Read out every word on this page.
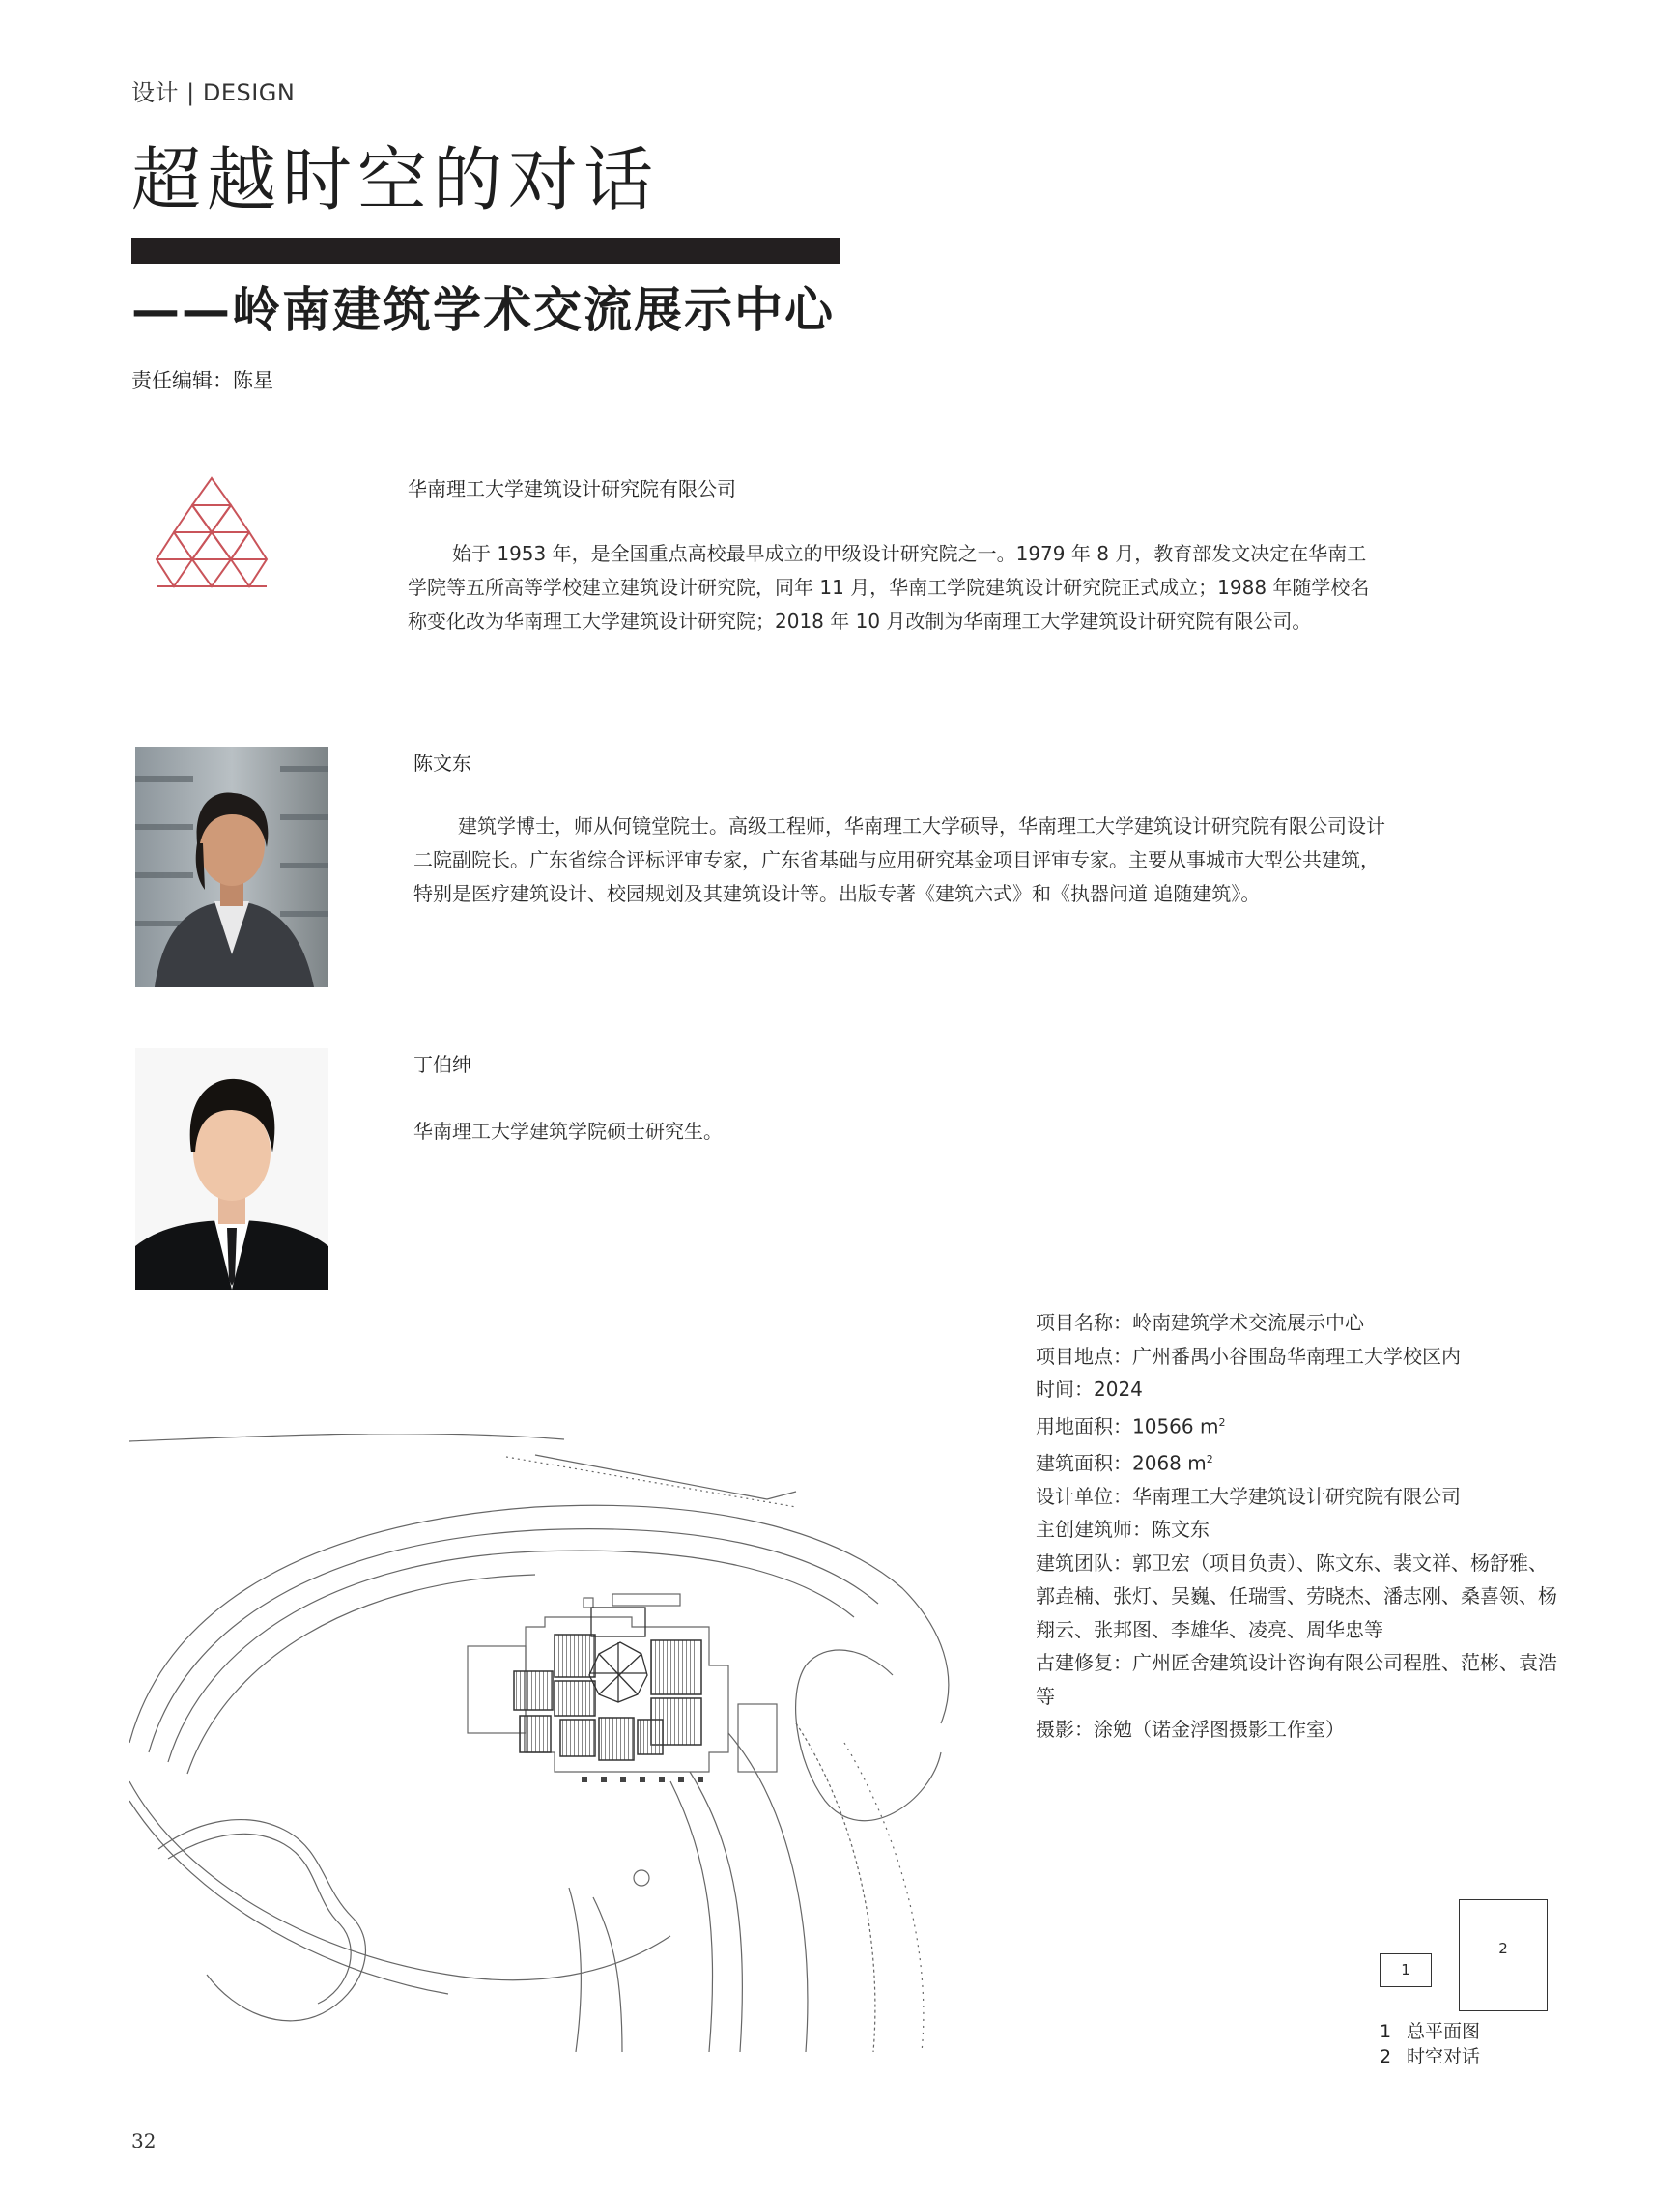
设计 | DESIGN
超越时空的对话
——岭南建筑学术交流展示中心
责任编辑：陈星
华南理工大学建筑设计研究院有限公司
始于 1953 年，是全国重点高校最早成立的甲级设计研究院之一。1979 年 8 月，教育部发文决定在华南工学院等五所高等学校建立建筑设计研究院，同年 11 月，华南工学院建筑设计研究院正式成立；1988 年随学校名称变化改为华南理工大学建筑设计研究院；2018 年 10 月改制为华南理工大学建筑设计研究院有限公司。
陈文东
建筑学博士，师从何镜堂院士。高级工程师，华南理工大学硕导，华南理工大学建筑设计研究院有限公司设计二院副院长。广东省综合评标评审专家，广东省基础与应用研究基金项目评审专家。主要从事城市大型公共建筑，特别是医疗建筑设计、校园规划及其建筑设计等。出版专著《建筑六式》和《执器问道 追随建筑》。
丁伯绅
华南理工大学建筑学院硕士研究生。
项目名称：岭南建筑学术交流展示中心
项目地点：广州番禺小谷围岛华南理工大学校区内
时间：2024
用地面积：10566 $m^2$
建筑面积：2068 $m^2$
设计单位：华南理工大学建筑设计研究院有限公司
主创建筑师：陈文东
建筑团队：郭卫宏（项目负责）、陈文东、裴文祥、杨舒雅、郭垚楠、张灯、吴巍、任瑞雪、劳晓杰、潘志刚、桑喜领、杨翔云、张邦图、李雄华、凌亮、周华忠等
古建修复：广州匠舍建筑设计咨询有限公司程胜、范彬、袁浩等
摄影：涂勉（诺金浮图摄影工作室）
1
2
1 总平面图
2 时空对话
32
